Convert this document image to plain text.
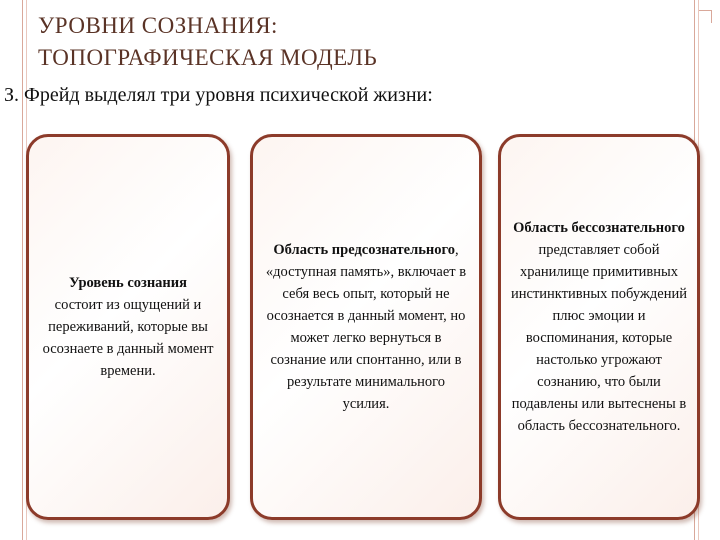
УРОВНИ СОЗНАНИЯ:
ТОПОГРАФИЧЕСКАЯ МОДЕЛЬ

З. Фрейд выделял три уровня психической жизни:

Уровень сознания
состоит из ощущений и переживаний, которые вы осознаете в данный момент времени.
Область предсознательного,
«доступная память», включает в себя весь опыт, который не осознается в данный момент, но может легко вернуться в сознание или спонтанно, или в результате минимального усилия.
Область бессознательного
представляет собой хранилище примитивных инстинктивных побуждений плюс эмоции и воспоминания, которые настолько угрожают сознанию, что были подавлены или вытеснены в область бессознательного.
